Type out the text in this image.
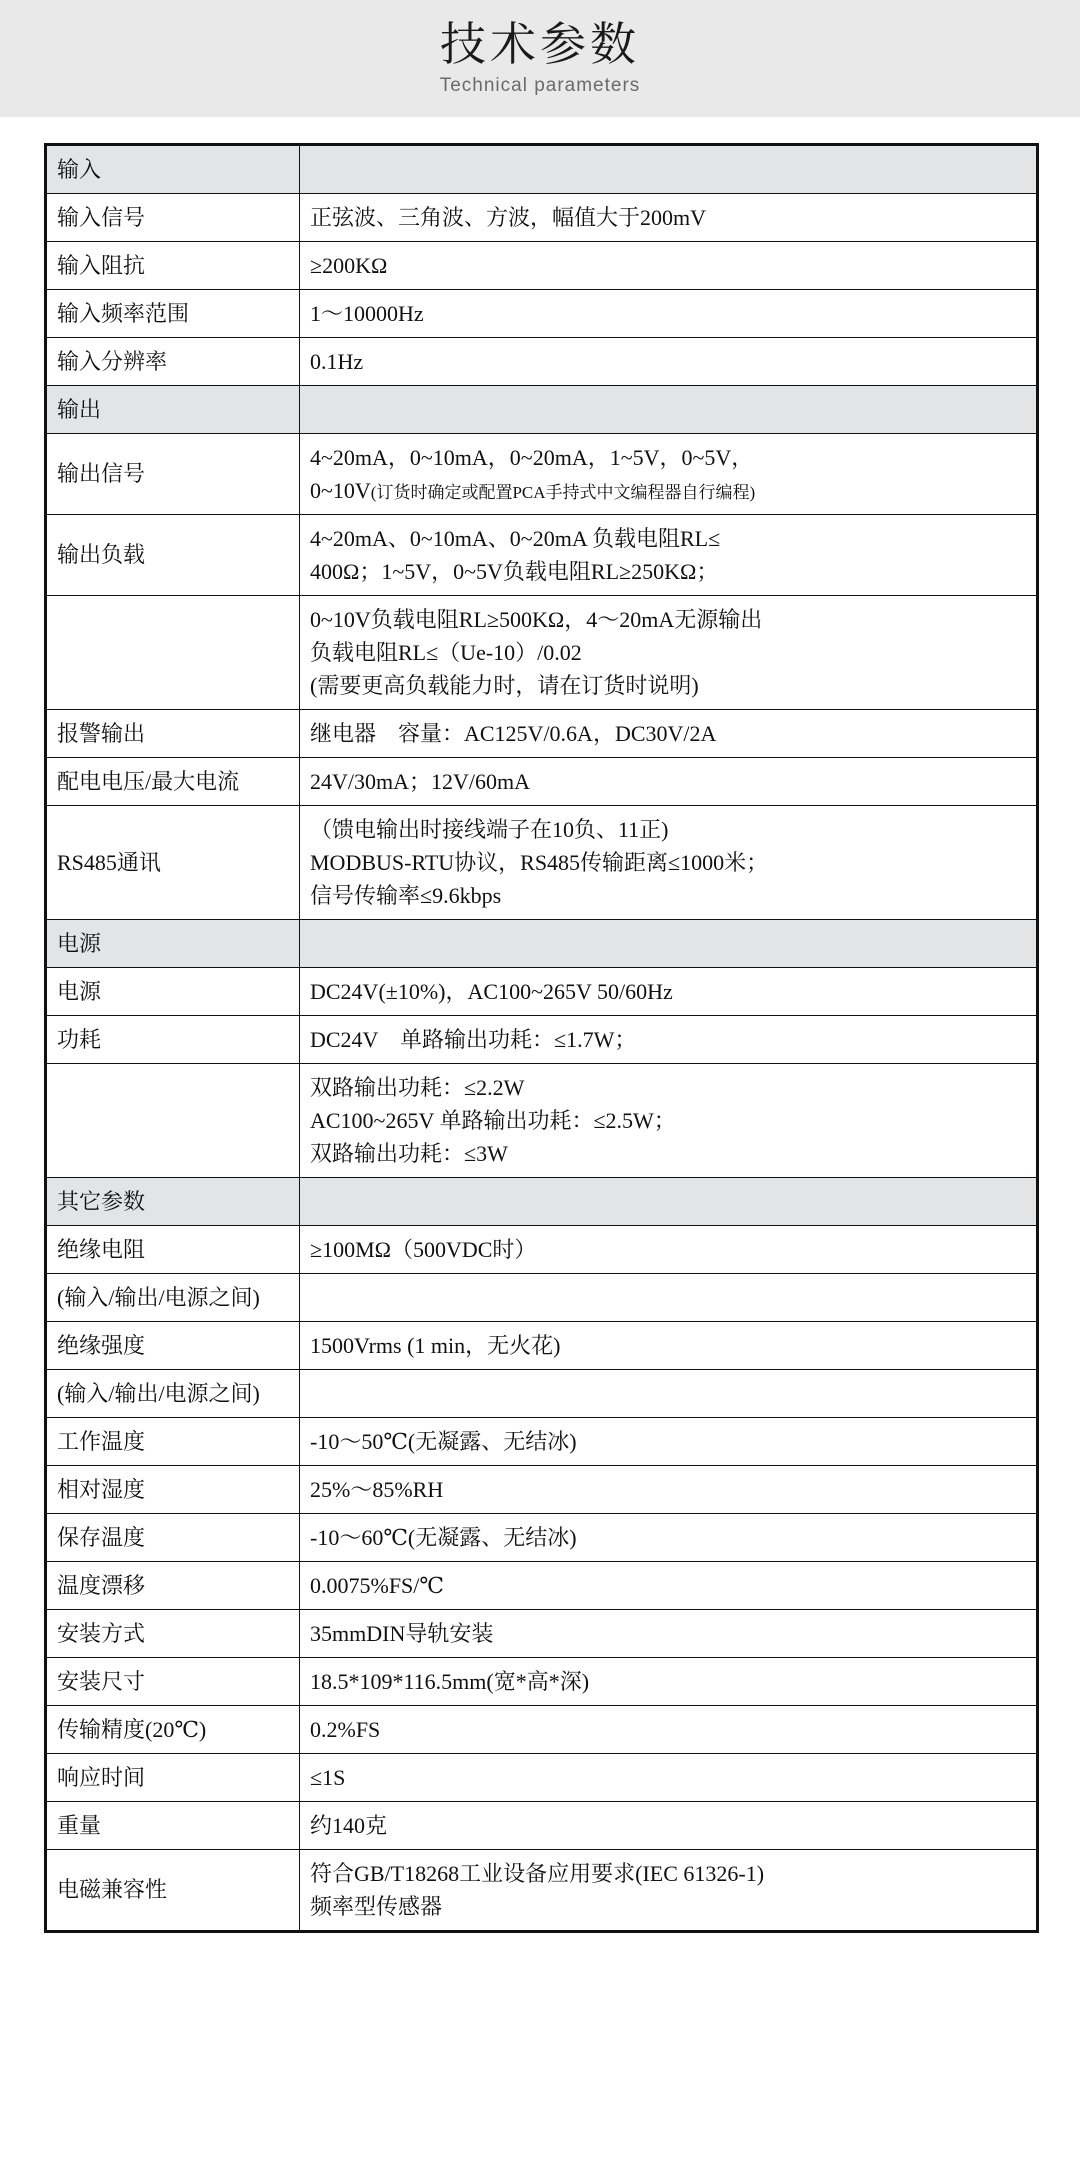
技术参数
Technical parameters
输入	
输入信号	正弦波、三角波、方波，幅值大于200mV
输入阻抗	≥200KΩ
输入频率范围	1～10000Hz
输入分辨率	0.1Hz
输出	
输出信号	4~20mA，0~10mA，0~20mA，1~5V，0~5V，
0~10V(订货时确定或配置PCA手持式中文编程器自行编程)

输出负载	4~20mA、0~10mA、0~20mA 负载电阻RL≤
400Ω；1~5V，0~5V负载电阻RL≥250KΩ；

	0~10V负载电阻RL≥500KΩ，4～20mA无源输出
负载电阻RL≤（Ue-10）/0.02
(需要更高负载能力时，请在订货时说明)

报警输出	继电器　容量：AC125V/0.6A，DC30V/2A
配电电压/最大电流	24V/30mA；12V/60mA
RS485通讯	（馈电输出时接线端子在10负、11正)
MODBUS-RTU协议，RS485传输距离≤1000米；
信号传输率≤9.6kbps

电源	
电源	DC24V(±10%)，AC100~265V 50/60Hz
功耗	DC24V　单路输出功耗：≤1.7W；

	双路输出功耗：≤2.2W
AC100~265V 单路输出功耗：≤2.5W；
双路输出功耗：≤3W

其它参数	
绝缘电阻	≥100MΩ（500VDC时）
(输入/输出/电源之间)	
绝缘强度	1500Vrms (1 min，无火花)
(输入/输出/电源之间)	
工作温度	-10～50℃(无凝露、无结冰)
相对湿度	25%～85%RH
保存温度	-10～60℃(无凝露、无结冰)
温度漂移	0.0075%FS/℃
安装方式	35mmDIN导轨安装
安装尺寸	18.5*109*116.5mm(宽*高*深)
传输精度(20℃)	0.2%FS
响应时间	≤1S
重量	约140克
电磁兼容性	符合GB/T18268工业设备应用要求(IEC 61326-1)
频率型传感器
